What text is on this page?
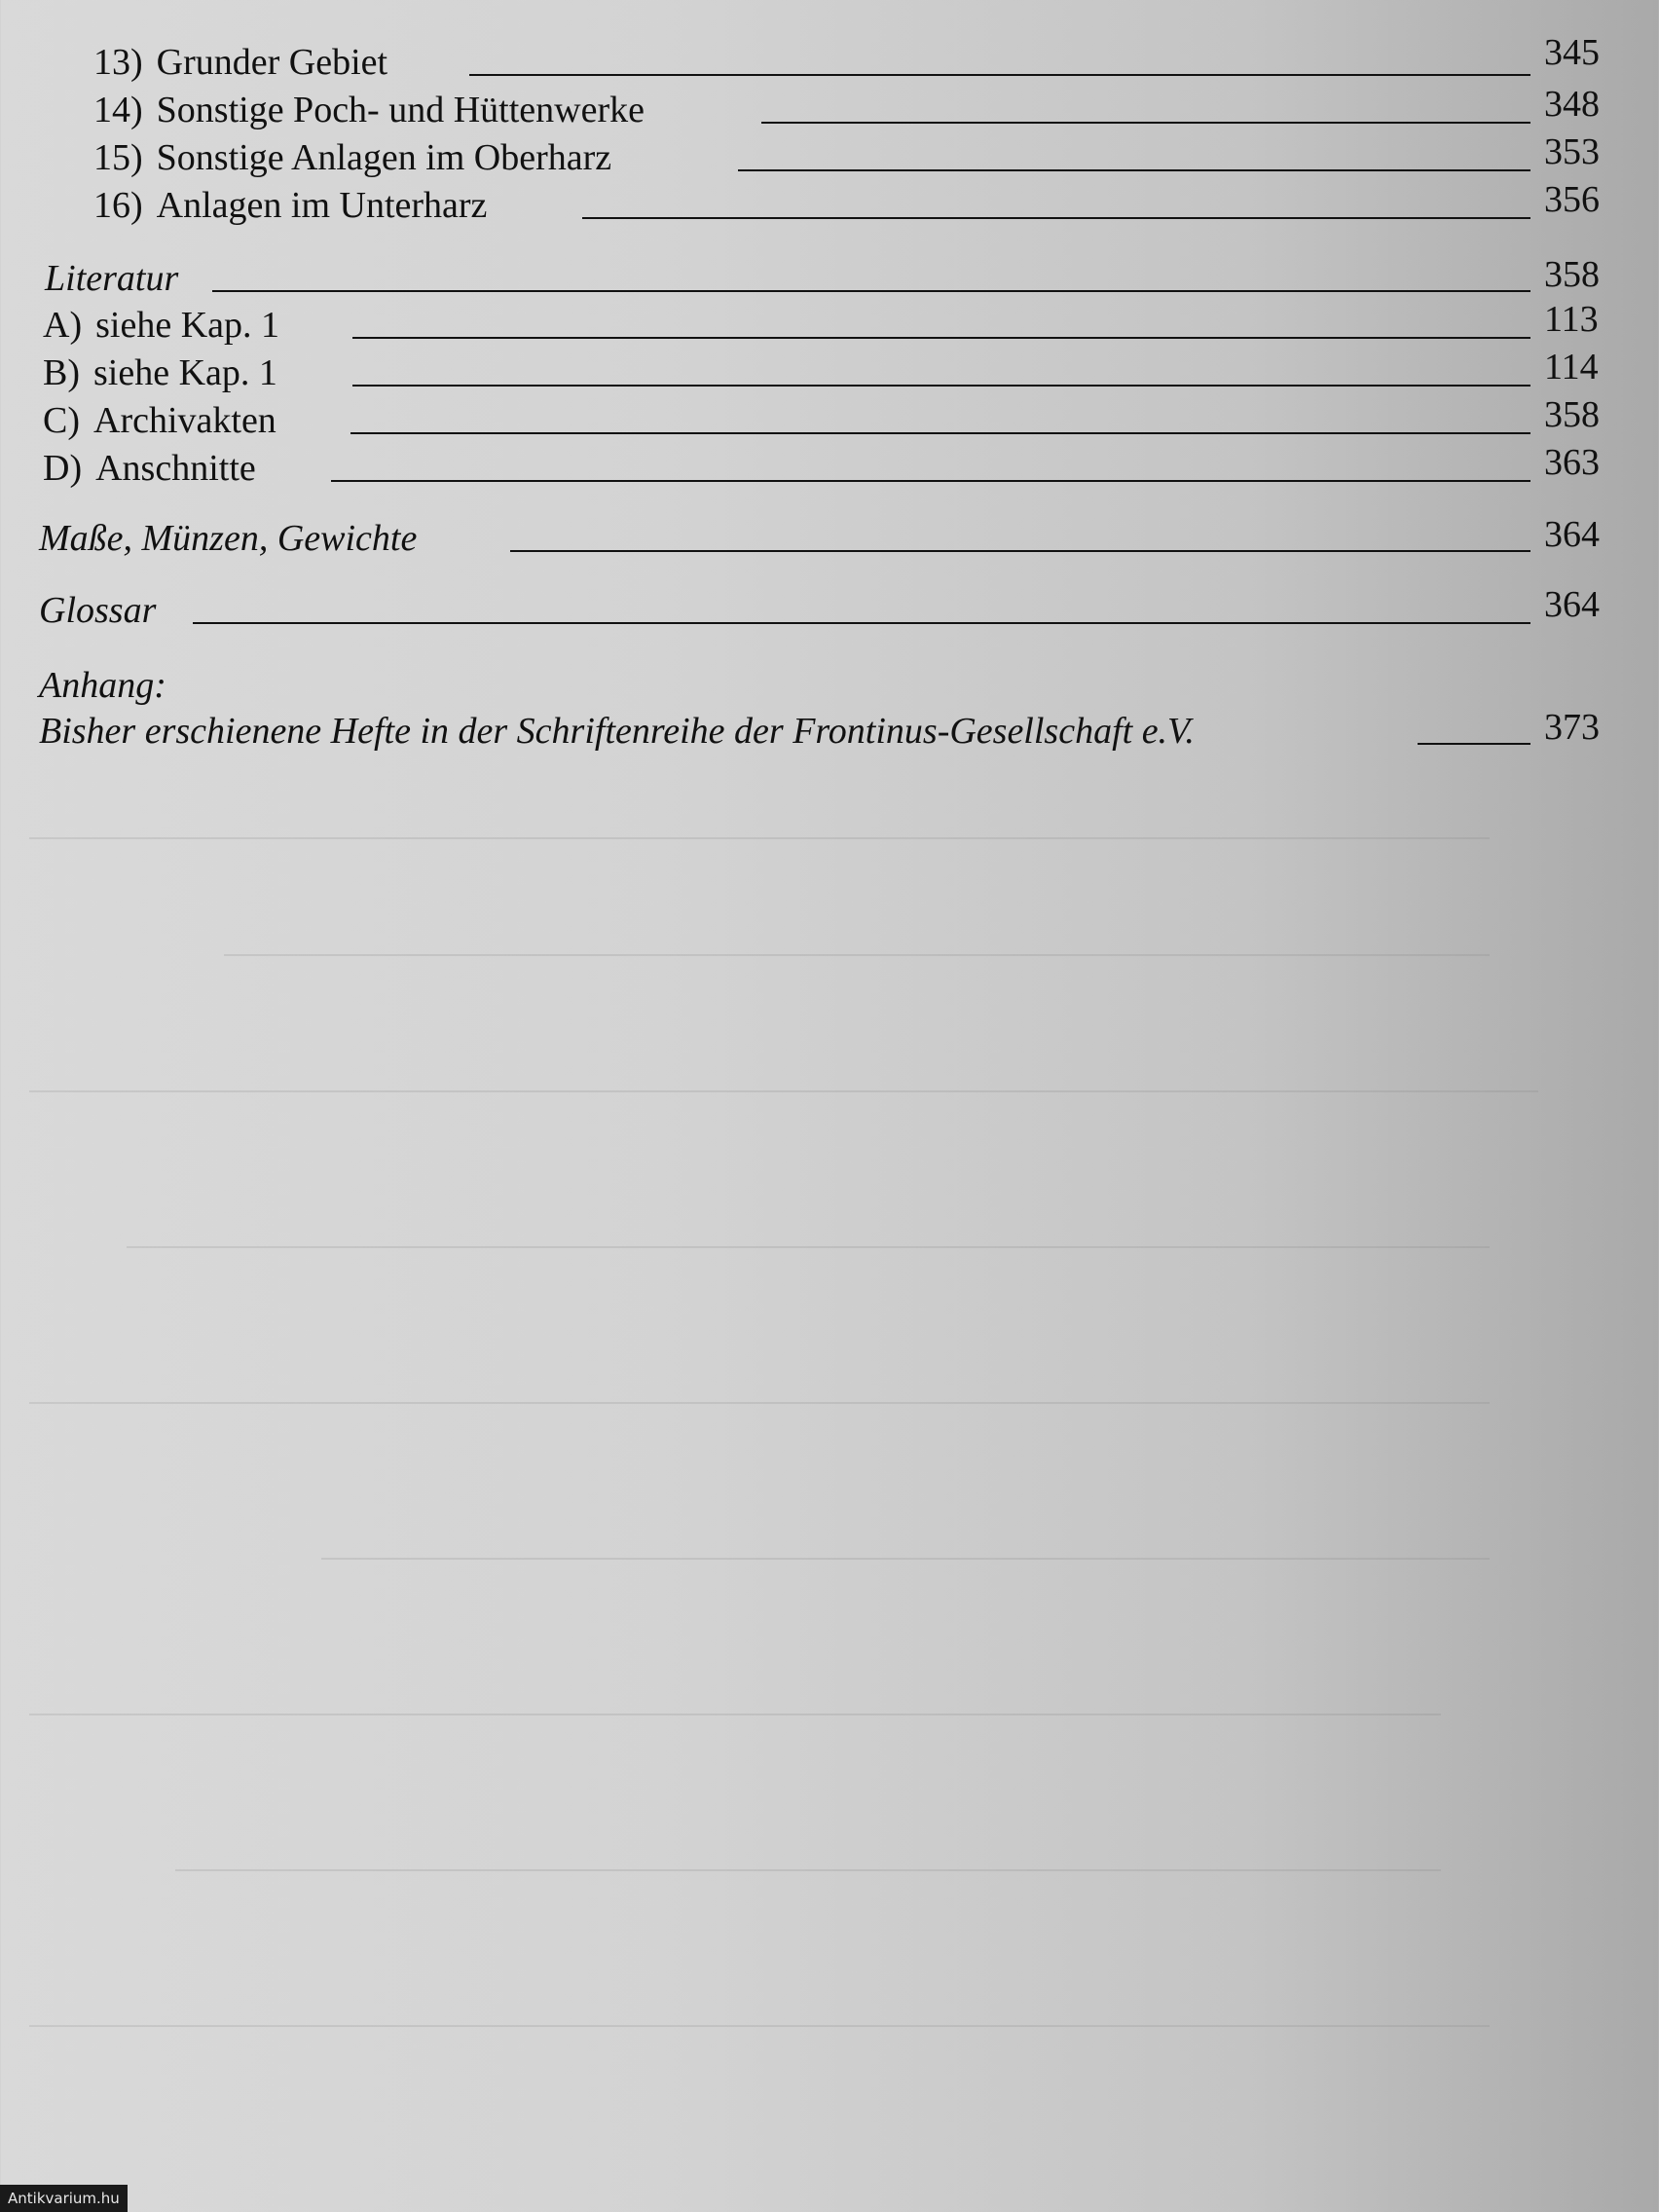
13) Grunder Gebiet	345
14) Sonstige Poch- und Hüttenwerke	348
15) Sonstige Anlagen im Oberharz	353
16) Anlagen im Unterharz	356
Literatur	358
A) siehe Kap. 1	113
B) siehe Kap. 1	114
C) Archivakten	358
D) Anschnitte	363
Maße, Münzen, Gewichte	364
Glossar	364
Anhang:
Bisher erschienene Hefte in der Schriftenreihe der Frontinus-Gesellschaft e.V.	373
Antikvarium.hu
